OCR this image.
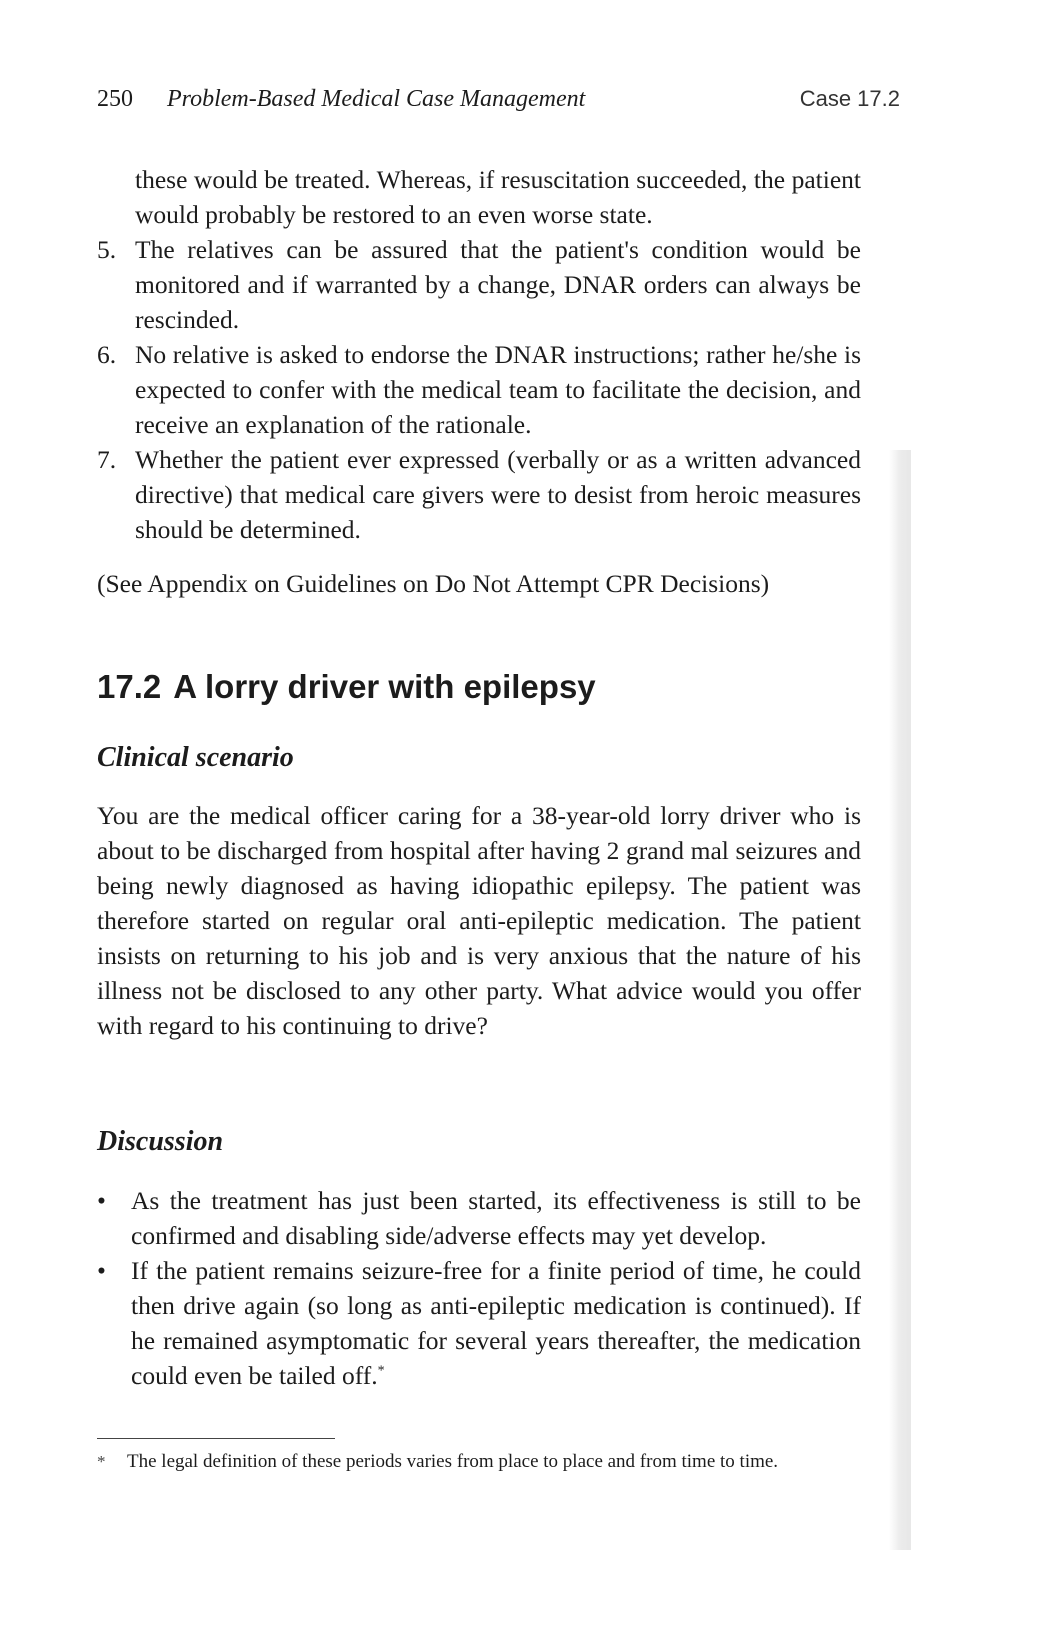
250 Problem-Based Medical Case Management	Case 17.2

these would be treated. Whereas, if resuscitation succeeded, the patient would probably be restored to an even worse state.

5. The relatives can be assured that the patient's condition would be monitored and if warranted by a change, DNAR orders can always be rescinded.
6. No relative is asked to endorse the DNAR instructions; rather he/she is expected to confer with the medical team to facilitate the decision, and receive an explanation of the rationale.
7. Whether the patient ever expressed (verbally or as a written advanced directive) that medical care givers were to desist from heroic measures should be determined.

(See Appendix on Guidelines on Do Not Attempt CPR Decisions)

17.2 A lorry driver with epilepsy
Clinical scenario

You are the medical officer caring for a 38-year-old lorry driver who is about to be discharged from hospital after having 2 grand mal seizures and being newly diagnosed as having idiopathic epilepsy. The patient was therefore started on regular oral anti-epileptic medication. The patient insists on returning to his job and is very anxious that the nature of his illness not be disclosed to any other party. What advice would you offer with regard to his continuing to drive?

Discussion
• As the treatment has just been started, its effectiveness is still to be confirmed and disabling side/adverse effects may yet develop.
• If the patient remains seizure-free for a finite period of time, he could then drive again (so long as anti-epileptic medication is continued). If he remained asymptomatic for several years thereafter, the medication could even be tailed off.*

* The legal definition of these periods varies from place to place and from time to time.
